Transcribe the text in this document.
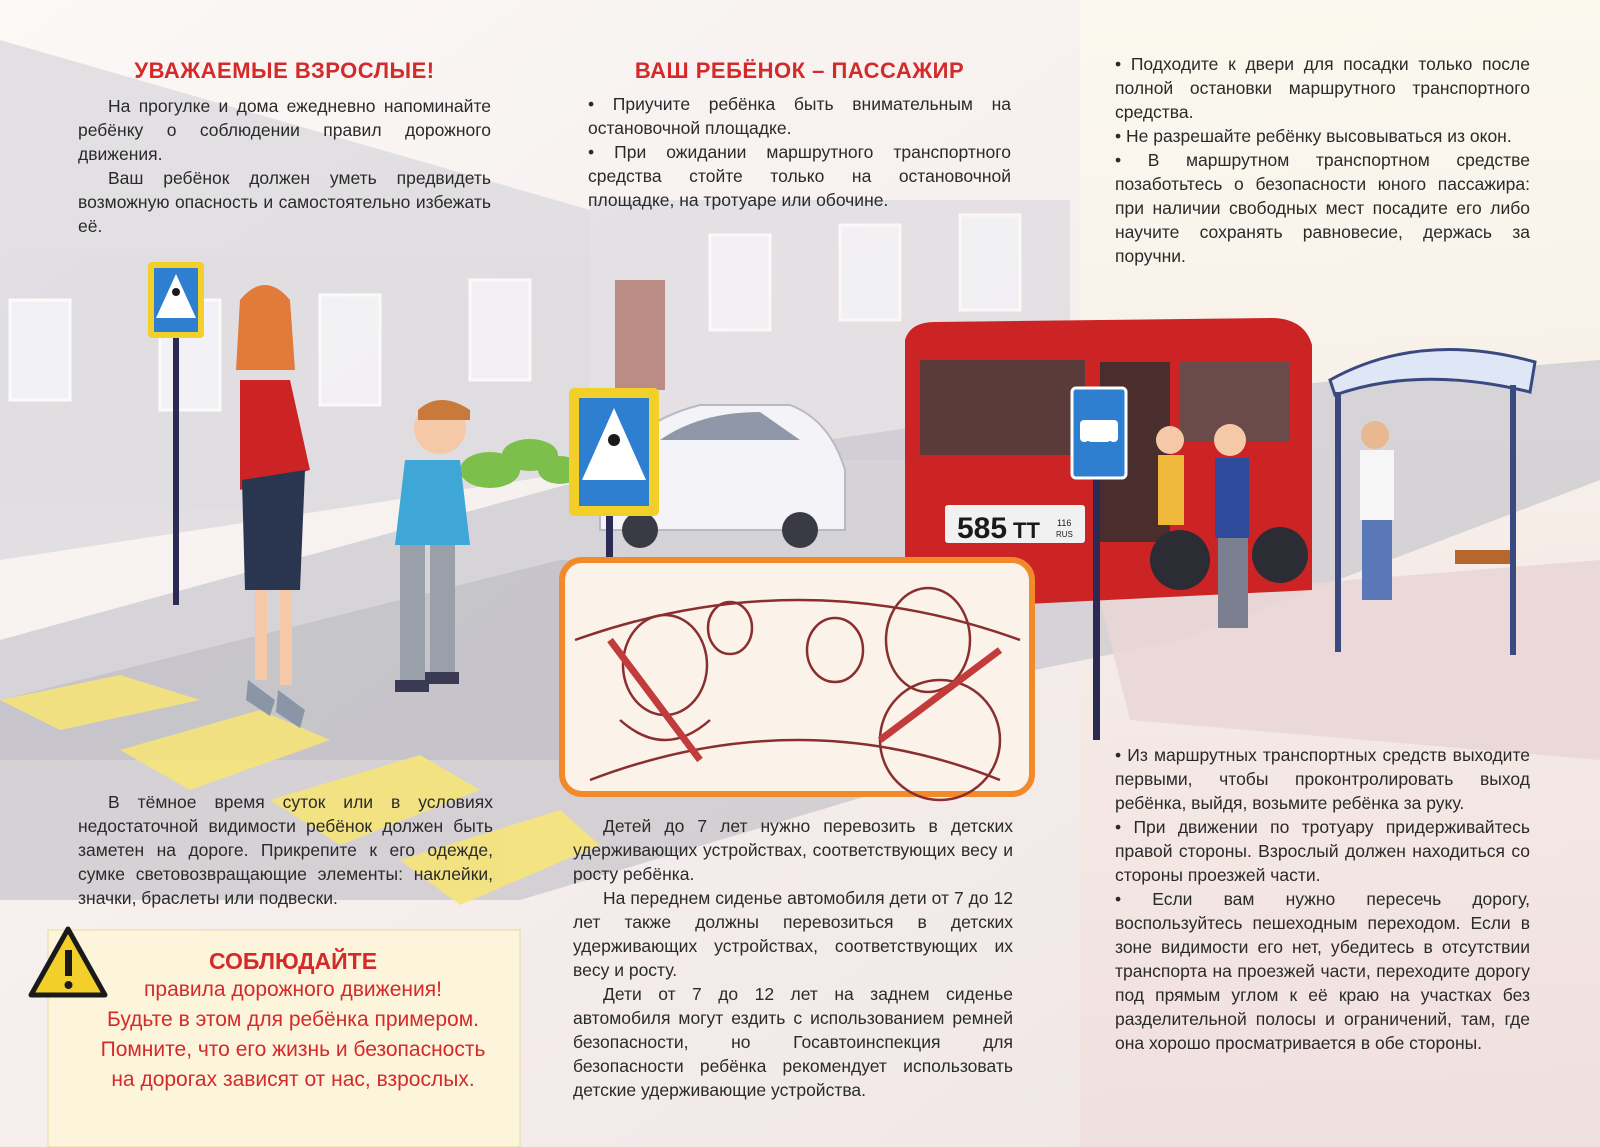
585 ТТ 116
RUS
УВАЖАЕМЫЕ ВЗРОСЛЫЕ!

На прогулке и дома ежедневно напоминайте ребёнку о соблюдении правил дорожного движения.

Ваш ребёнок должен уметь предвидеть возможную опасность и самостоятельно избежать её.

ВАШ РЕБЁНОК – ПАССАЖИР

• Приучите ребёнка быть внимательным на остановочной площадке.

• При ожидании маршрутного транспортного средства стойте только на остановочной площадке, на тротуаре или обочине.

• Подходите к двери для посадки только после полной остановки маршрутного транспортного средства.

• Не разрешайте ребёнку высовываться из окон.

• В маршрутном транспортном средстве позаботьтесь о безопасности юного пассажира: при наличии свободных мест посадите его либо научите сохранять равновесие, держась за поручни.

В тёмное время суток или в условиях недостаточной видимости ребёнок должен быть заметен на дороге. Прикрепите к его одежде, сумке световозвращающие элементы: наклейки, значки, браслеты или подвески.

СОБЛЮДАЙТЕ
правила дорожного движения!
Будьте в этом для ребёнка примером.
Помните, что его жизнь и безопасность
на дорогах зависят от нас, взрослых.

Детей до 7 лет нужно перевозить в детских удерживающих устройствах, соответствующих весу и росту ребёнка.

На переднем сиденье автомобиля дети от 7 до 12 лет также должны перевозиться в детских удерживающих устройствах, соответствующих их весу и росту.

Дети от 7 до 12 лет на заднем сиденье автомобиля могут ездить с использованием ремней безопасности, но Госавтоинспекция для безопасности ребёнка рекомендует использовать детские удерживающие устройства.

• Из маршрутных транспортных средств выходите первыми, чтобы проконтролировать выход ребёнка, выйдя, возьмите ребёнка за руку.

• При движении по тротуару придерживайтесь правой стороны. Взрослый должен находиться со стороны проезжей части.

• Если вам нужно пересечь дорогу, воспользуйтесь пешеходным переходом. Если в зоне видимости его нет, убедитесь в отсутствии транспорта на проезжей части, переходите дорогу под прямым углом к её краю на участках без разделительной полосы и ограничений, там, где она хорошо просматривается в обе стороны.
